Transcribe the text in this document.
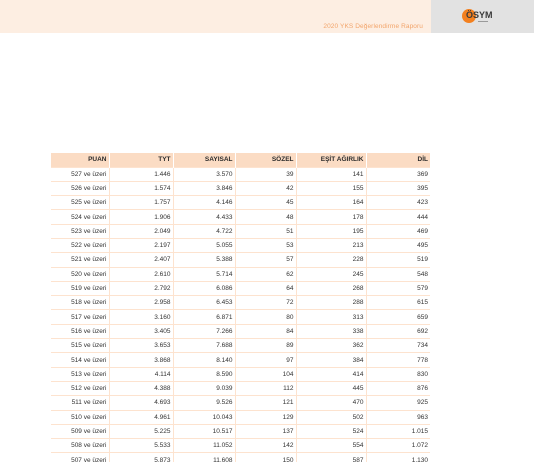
2020 YKS Değerlendirme Raporu
ÖSYM
PUAN	TYT	SAYISAL	SÖZEL	EŞİT AĞIRLIK	DİL
527 ve üzeri	1.446	3.570	39	141	369
526 ve üzeri	1.574	3.846	42	155	395
525 ve üzeri	1.757	4.146	45	164	423
524 ve üzeri	1.906	4.433	48	178	444
523 ve üzeri	2.049	4.722	51	195	469
522 ve üzeri	2.197	5.055	53	213	495
521 ve üzeri	2.407	5.388	57	228	519
520 ve üzeri	2.610	5.714	62	245	548
519 ve üzeri	2.792	6.086	64	268	579
518 ve üzeri	2.958	6.453	72	288	615
517 ve üzeri	3.160	6.871	80	313	659
516 ve üzeri	3.405	7.266	84	338	692
515 ve üzeri	3.653	7.688	89	362	734
514 ve üzeri	3.868	8.140	97	384	778
513 ve üzeri	4.114	8.590	104	414	830
512 ve üzeri	4.388	9.039	112	445	876
511 ve üzeri	4.693	9.526	121	470	925
510 ve üzeri	4.961	10.043	129	502	963
509 ve üzeri	5.225	10.517	137	524	1.015
508 ve üzeri	5.533	11.052	142	554	1.072
507 ve üzeri	5.873	11.608	150	587	1.130
